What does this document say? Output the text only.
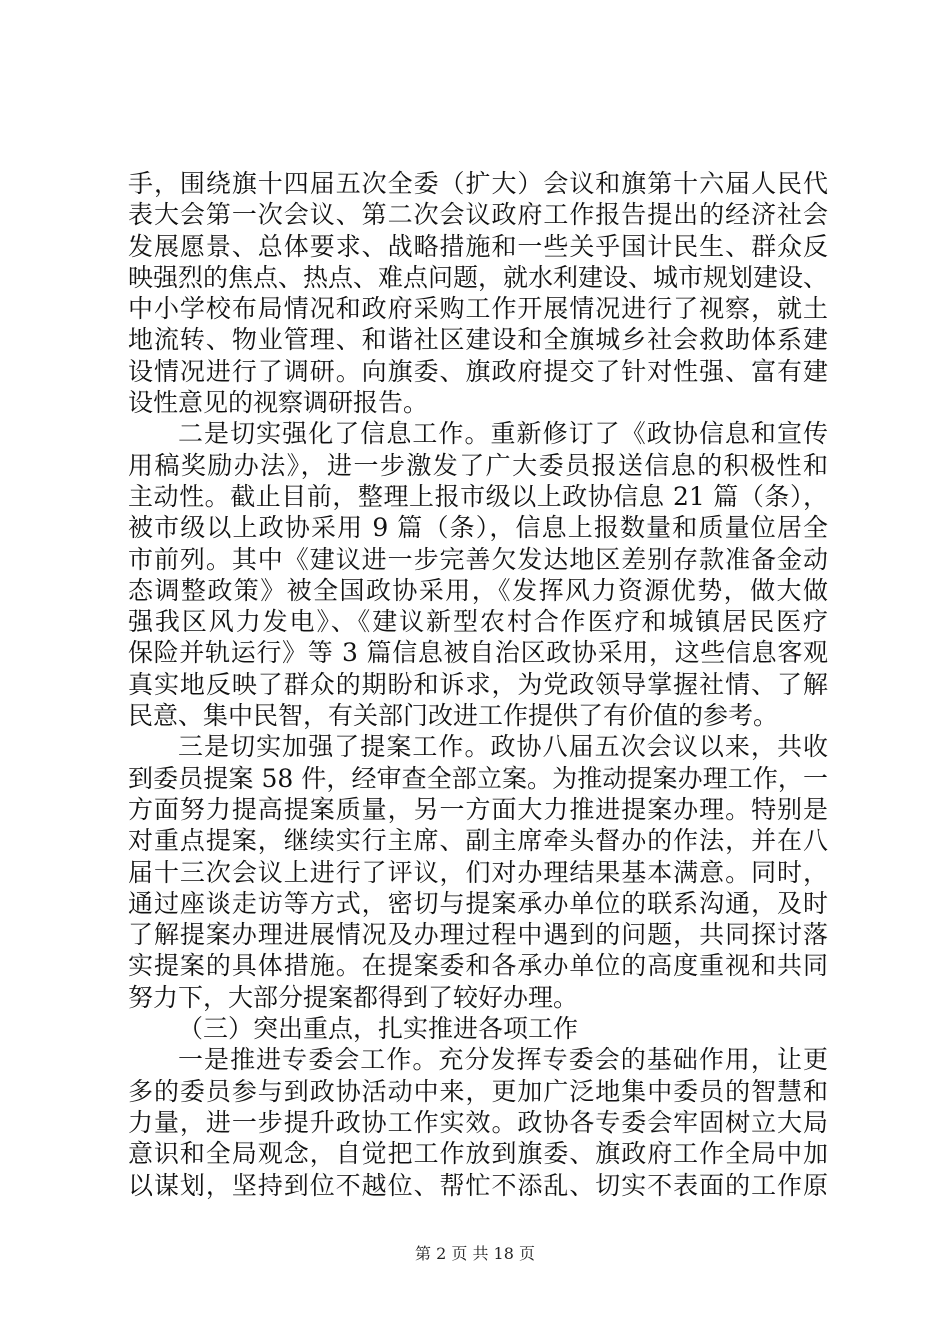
手，围绕旗十四届五次全委（扩大）会议和旗第十六届人民代
表大会第一次会议、第二次会议政府工作报告提出的经济社会
发展愿景、总体要求、战略措施和一些关乎国计民生、群众反
映强烈的焦点、热点、难点问题，就水利建设、城市规划建设、
中小学校布局情况和政府采购工作开展情况进行了视察，就土
地流转、物业管理、和谐社区建设和全旗城乡社会救助体系建
设情况进行了调研。向旗委、旗政府提交了针对性强、富有建
设性意见的视察调研报告。
二是切实强化了信息工作。重新修订了《政协信息和宣传
用稿奖励办法》，进一步激发了广大委员报送信息的积极性和
主动性。截止目前，整理上报市级以上政协信息 21 篇（条），
被市级以上政协采用 9 篇（条），信息上报数量和质量位居全
市前列。其中《建议进一步完善欠发达地区差别存款准备金动
态调整政策》被全国政协采用，《发挥风力资源优势，做大做
强我区风力发电》、《建议新型农村合作医疗和城镇居民医疗
保险并轨运行》等 3 篇信息被自治区政协采用，这些信息客观
真实地反映了群众的期盼和诉求，为党政领导掌握社情、了解
民意、集中民智，有关部门改进工作提供了有价值的参考。
三是切实加强了提案工作。政协八届五次会议以来，共收
到委员提案 58 件，经审查全部立案。为推动提案办理工作，一
方面努力提高提案质量，另一方面大力推进提案办理。特别是
对重点提案，继续实行主席、副主席牵头督办的作法，并在八
届十三次会议上进行了评议，们对办理结果基本满意。同时，
通过座谈走访等方式，密切与提案承办单位的联系沟通，及时
了解提案办理进展情况及办理过程中遇到的问题，共同探讨落
实提案的具体措施。在提案委和各承办单位的高度重视和共同
努力下，大部分提案都得到了较好办理。
（三）突出重点，扎实推进各项工作
一是推进专委会工作。充分发挥专委会的基础作用，让更
多的委员参与到政协活动中来，更加广泛地集中委员的智慧和
力量，进一步提升政协工作实效。政协各专委会牢固树立大局
意识和全局观念，自觉把工作放到旗委、旗政府工作全局中加
以谋划，坚持到位不越位、帮忙不添乱、切实不表面的工作原
第 2 页 共 18 页
